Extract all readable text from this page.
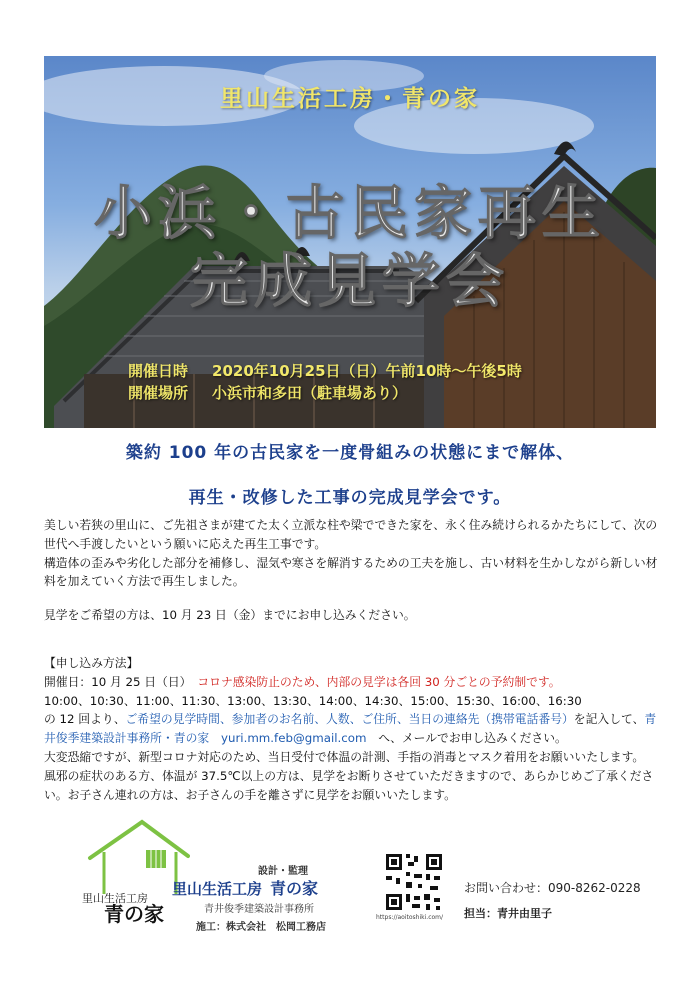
里山生活工房・青の家
小浜・古民家再生
完成見学会
開催日時 2020年10月25日（日）午前10時～午後5時
開催場所 小浜市和多田（駐車場あり）
築約 100 年の古民家を一度骨組みの状態にまで解体、
再生・改修した工事の完成見学会です。

美しい若狭の里山に、ご先祖さまが建てた太く立派な柱や梁でできた家を、永く住み続けられるかたちにして、次の世代へ手渡したいという願いに応えた再生工事です。

構造体の歪みや劣化した部分を補修し、湿気や寒さを解消するための工夫を施し、古い材料を生かしながら新しい材料を加えていく方法で再生しました。

見学をご希望の方は、10 月 23 日（金）までにお申し込みください。

【申し込み方法】

開催日：10 月 25 日（日）　 コロナ感染防止のため、内部の見学は各回 30 分ごとの予約制です。

10:00、10:30、11:00、11:30、13:00、13:30、14:00、14:30、15:00、15:30、16:00、16:30

の 12 回より、ご希望の見学時間、参加者のお名前、人数、ご住所、当日の連絡先（携帯電話番号）を記入して、青井俊季建築設計事務所・青の家　 yuri.mm.feb@gmail.com　 へ、メールでお申し込みください。

大変恐縮ですが、新型コロナ対応のため、当日受付で体温の計測、手指の消毒とマスク着用をお願いいたします。

風邪の症状のある方、体温が 37.5℃以上の方は、見学をお断りさせていただきますので、あらかじめご了承ください。お子さん連れの方は、お子さんの手を離さずに見学をお願いいたします。

里山生活工房
青の家
設計・監理
里山生活工房 青の家
青井俊季建築設計事務所
施工：株式会社　松岡工務店
https://aoitoshiki.com/
お問い合わせ：090-8262-0228
担当：青井由里子
